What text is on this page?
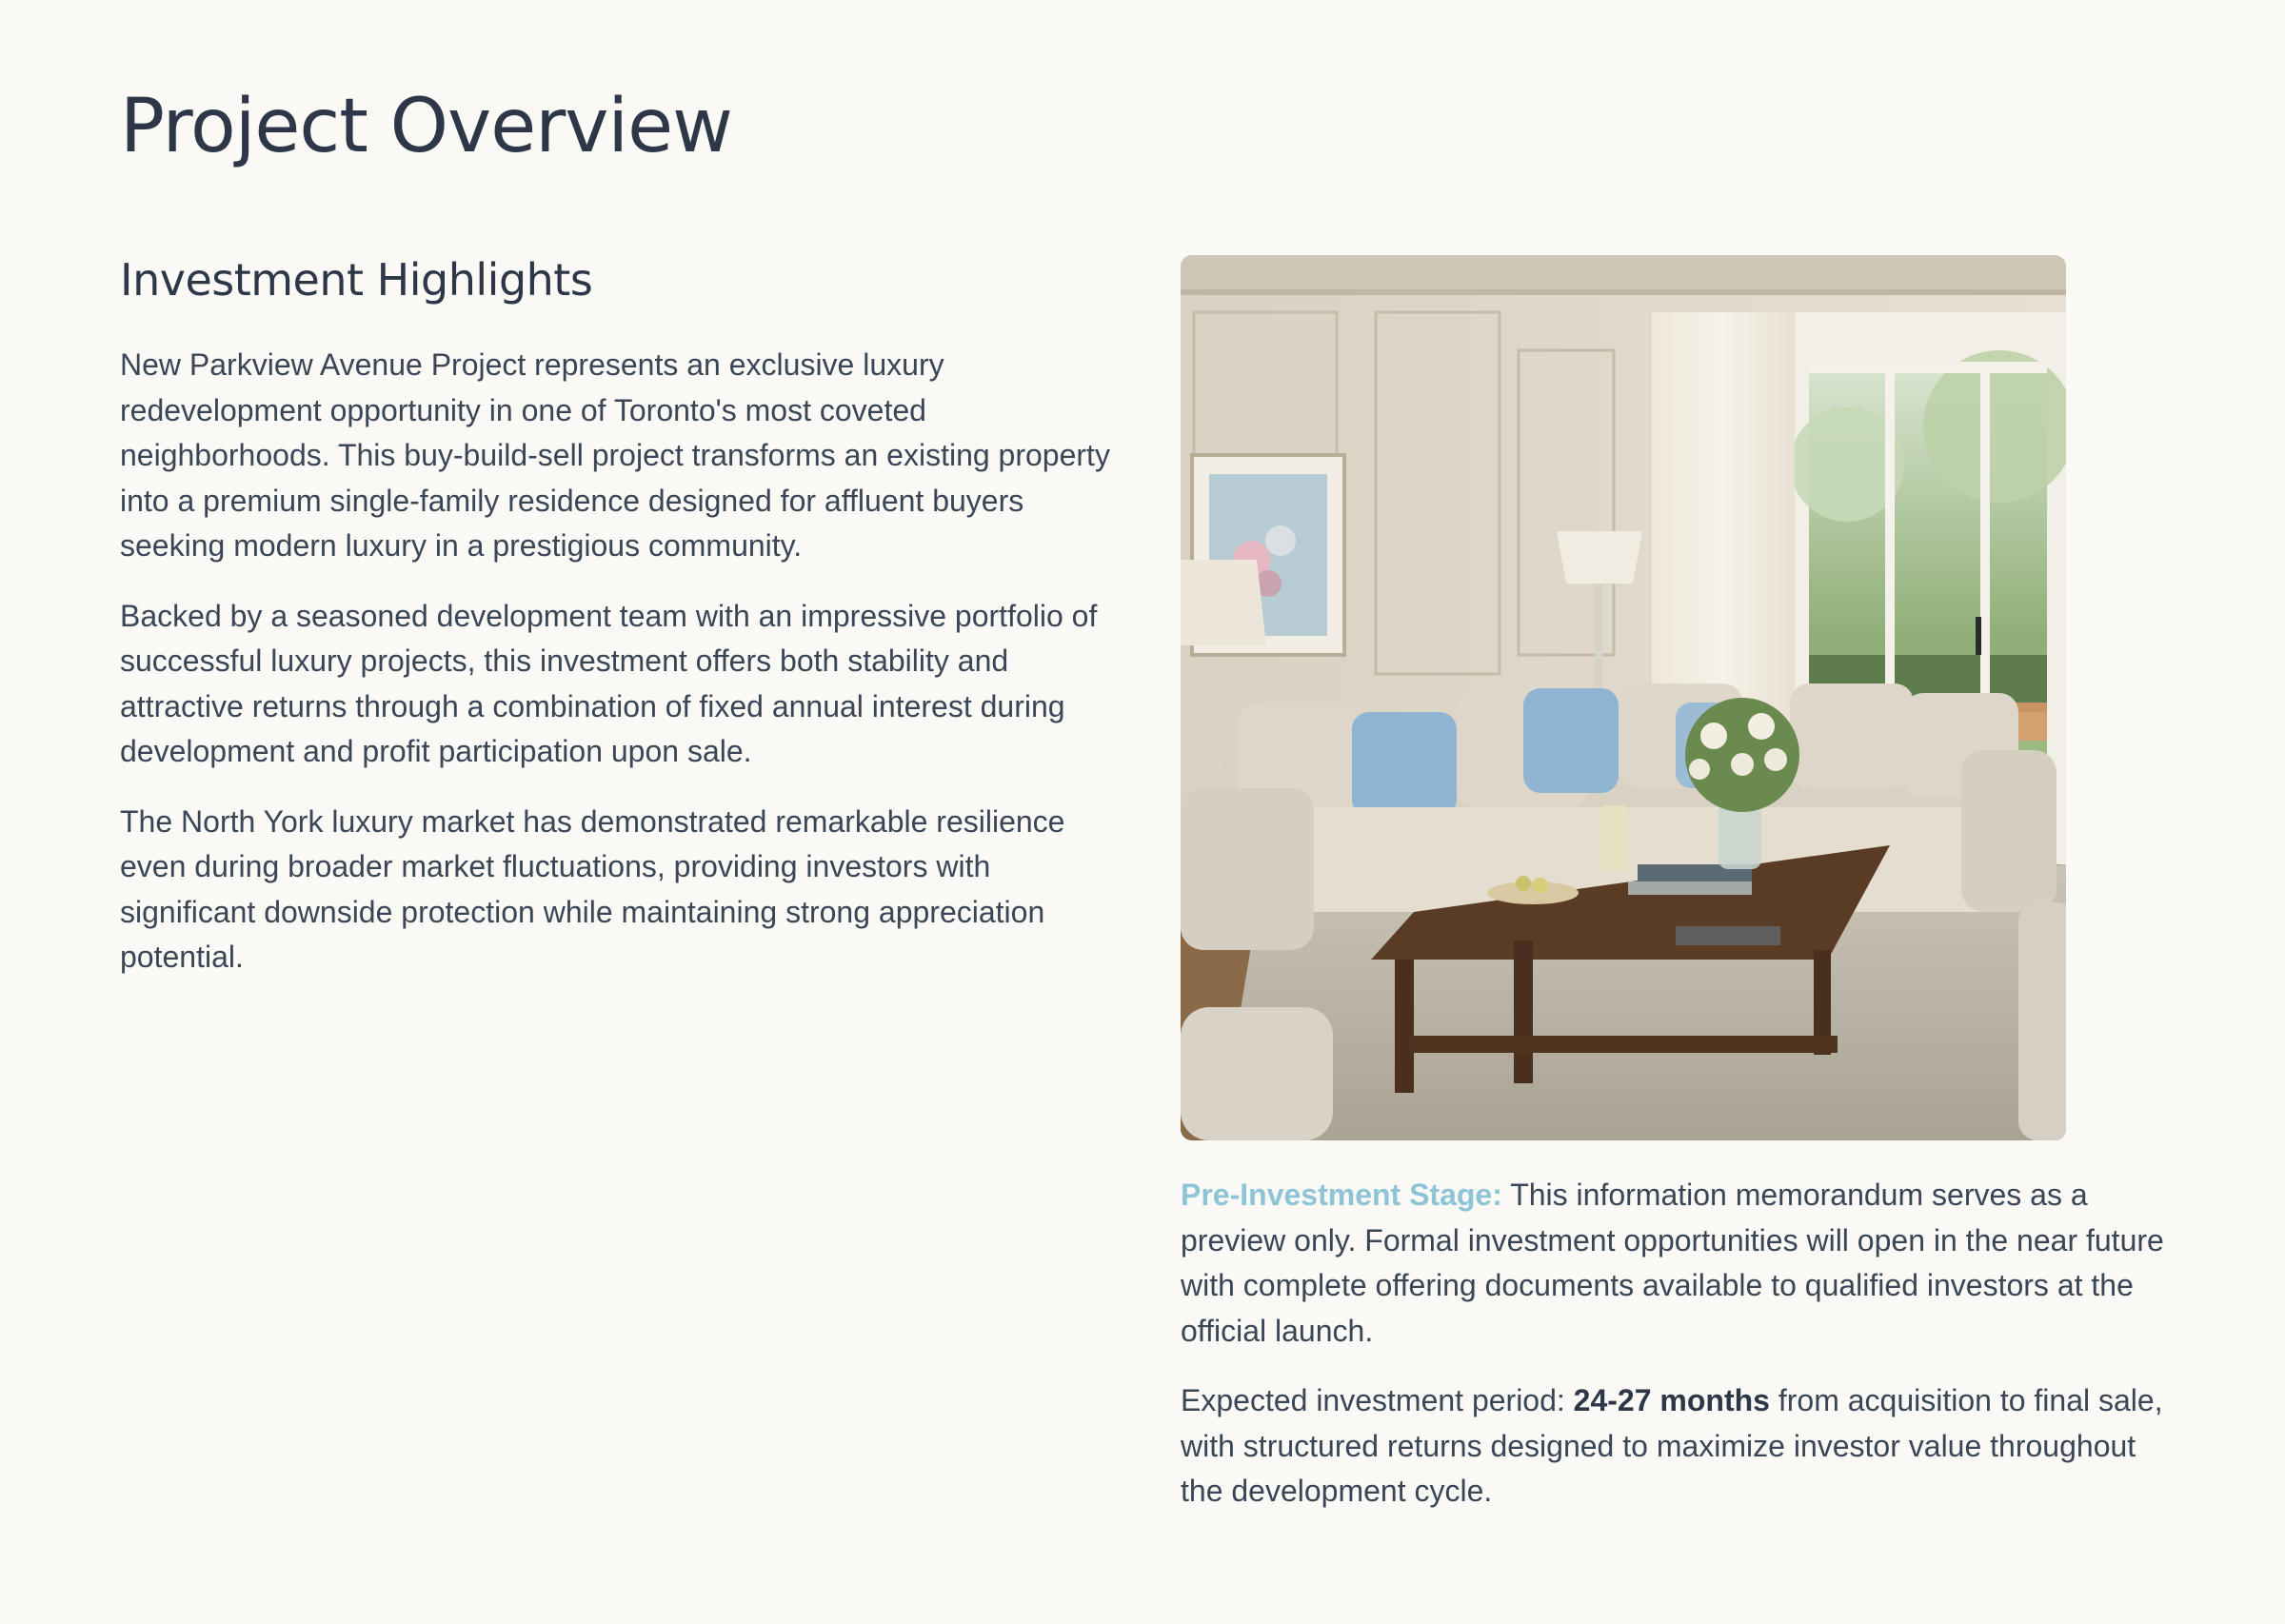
Project Overview
Investment Highlights

New Parkview Avenue Project represents an exclusive luxury redevelopment opportunity in one of Toronto's most coveted neighborhoods. This buy-build-sell project transforms an existing property into a premium single-family residence designed for affluent buyers seeking modern luxury in a prestigious community.

Backed by a seasoned development team with an impressive portfolio of successful luxury projects, this investment offers both stability and attractive returns through a combination of fixed annual interest during development and profit participation upon sale.

The North York luxury market has demonstrated remarkable resilience even during broader market fluctuations, providing investors with significant downside protection while maintaining strong appreciation potential.

Pre-Investment Stage: This information memorandum serves as a preview only. Formal investment opportunities will open in the near future with complete offering documents available to qualified investors at the official launch.

Expected investment period: 24-27 months from acquisition to final sale, with structured returns designed to maximize investor value throughout the development cycle.
